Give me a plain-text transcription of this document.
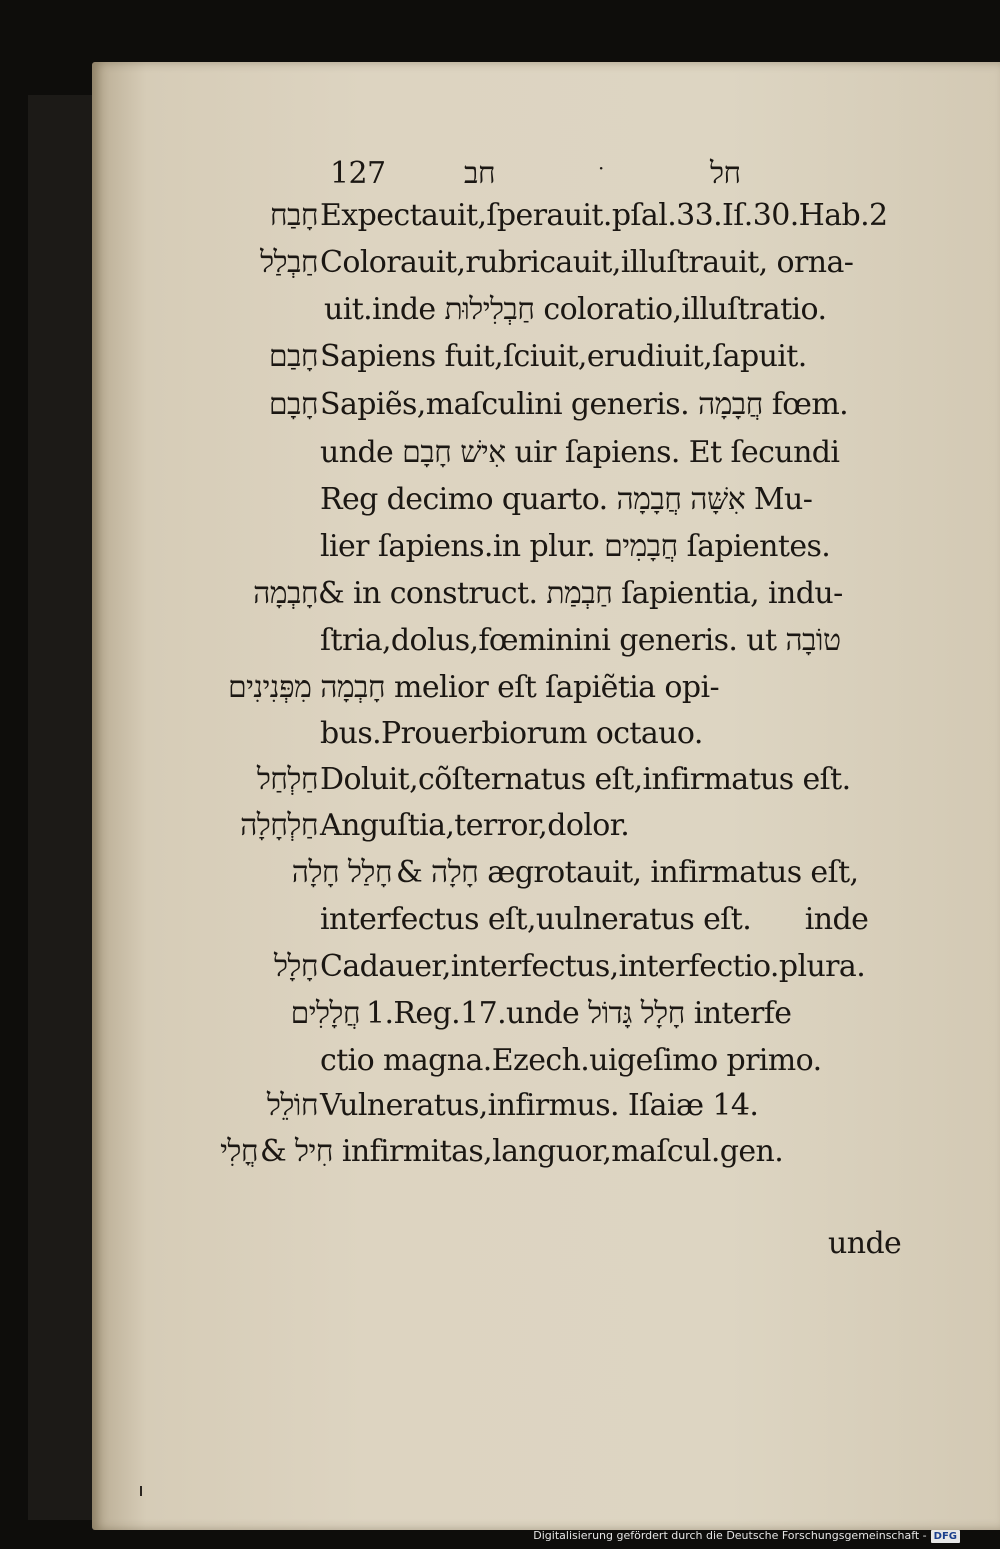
127	חב	·	חל
חָבַח Expectauit,ſperauit.pſal.33.Iſ.30.Hab.2
חַבְלַל Colorauit,rubricauit,illuſtrauit, orna-
uit.inde חַבְלִילוּת coloratio,illuſtratio.
חָבַם Sapiens fuit,ſciuit,erudiuit,ſapuit.
חָבָם Sapiẽs,maſculini generis. חֲבָמָה fœm.
unde אִישׁ חָבָם uir ſapiens. Et ſecundi
Reg decimo quarto. אִשָּׁה חֲבָמָה Mu-
lier ſapiens.in plur. חֲבָמִים ſapientes.
חָבְמָה & in construct. חַבְמַת ſapientia, indu-
ſtria,dolus,fœminini generis. ut טוֹבָה
חָבְמָה מִפְּנִינִים melior eſt ſapiẽtia opi-
bus.Prouerbiorum octauo.
חַלְחַל Doluit,cõſternatus eſt,infirmatus eſt.
חַלְחָלָה Anguſtia,terror,dolor.
חָלַל חָלָה & חָלָה ægrotauit, infirmatus eſt,
interfectus eſt,uulneratus eſt.      inde
חָלָל Cadauer,interfectus,interfectio.plura.
חֲלָלִים 1.Reg.17.unde חָלָל גָּדוֹל interfe
ctio magna.Ezech.uigeſimo primo.
חוֹלֵל Vulneratus,infirmus. Iſaiæ 14.
חֳלִי & חִיל infirmitas,languor,maſcul.gen.
unde
Digitalisierung gefördert durch die Deutsche Forschungsgemeinschaft - DFG
